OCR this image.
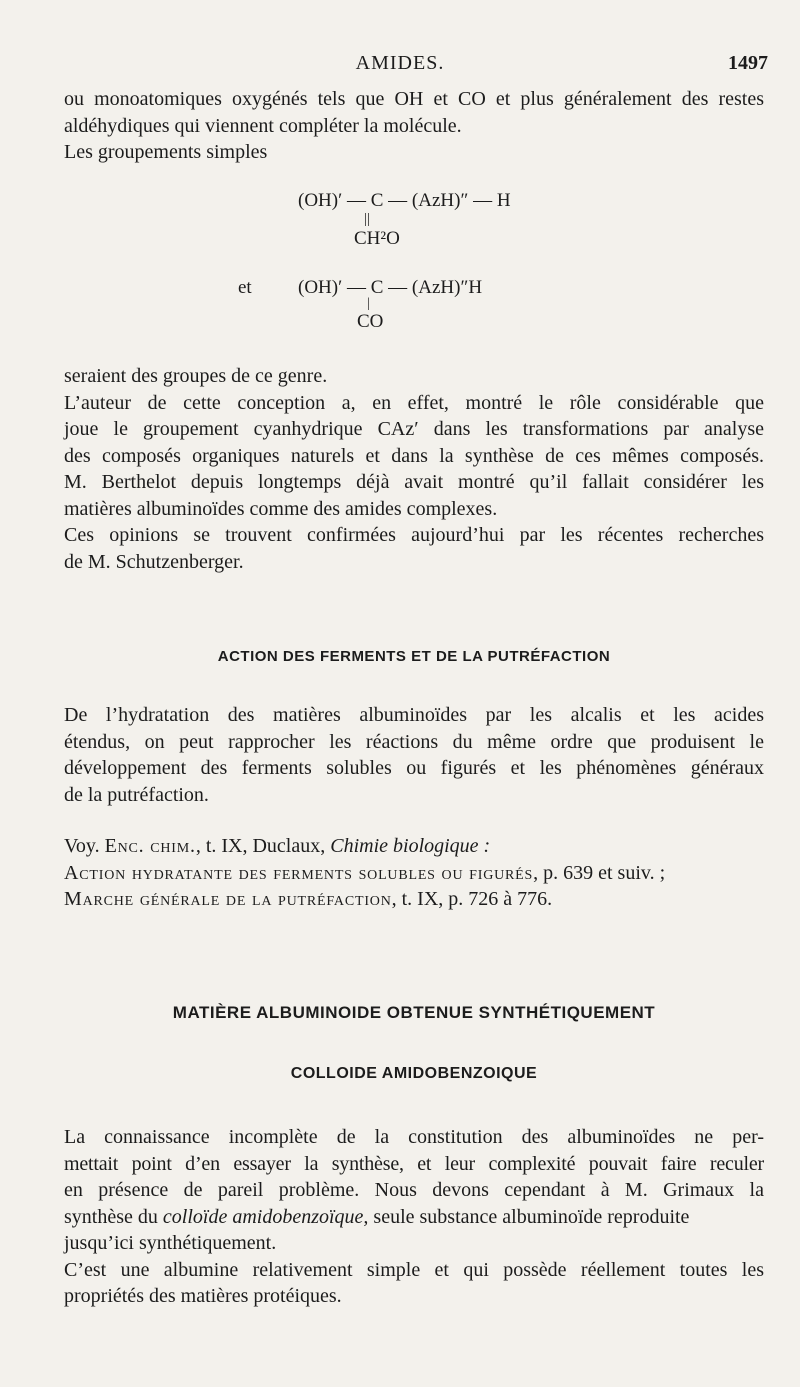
AMIDES.	1497
ou monoatomiques oxygénés tels que OH et CO et plus généralement des restes
aldéhydiques qui viennent compléter la molécule.
Les groupements simples
(OH)′ — C — (AzH)″ — H
||
CH²O
et (OH)′ — C — (AzH)″H
|
CO
seraient des groupes de ce genre.
L’auteur de cette conception a, en effet, montré le rôle considérable que
joue le groupement cyanhydrique CAz′ dans les transformations par analyse
des composés organiques naturels et dans la synthèse de ces mêmes composés.
M. Berthelot depuis longtemps déjà avait montré qu’il fallait considérer les
matières albuminoïdes comme des amides complexes.
Ces opinions se trouvent confirmées aujourd’hui par les récentes recherches
de M. Schutzenberger.
ACTION DES FERMENTS ET DE LA PUTRÉFACTION
De l’hydratation des matières albuminoïdes par les alcalis et les acides
étendus, on peut rapprocher les réactions du même ordre que produisent le
développement des ferments solubles ou figurés et les phénomènes généraux
de la putréfaction.
Voy. Enc. chim., t. IX, Duclaux, Chimie biologique :
Action hydratante des ferments solubles ou figurés, p. 639 et suiv. ;
Marche générale de la putréfaction, t. IX, p. 726 à 776.
MATIÈRE ALBUMINOIDE OBTENUE SYNTHÉTIQUEMENT
COLLOIDE AMIDOBENZOIQUE
La connaissance incomplète de la constitution des albuminoïdes ne per-
mettait point d’en essayer la synthèse, et leur complexité pouvait faire reculer
en présence de pareil problème. Nous devons cependant à M. Grimaux la
synthèse du colloïde amidobenzoïque, seule substance albuminoïde reproduite
jusqu’ici synthétiquement.
C’est une albumine relativement simple et qui possède réellement toutes les
propriétés des matières protéiques.
